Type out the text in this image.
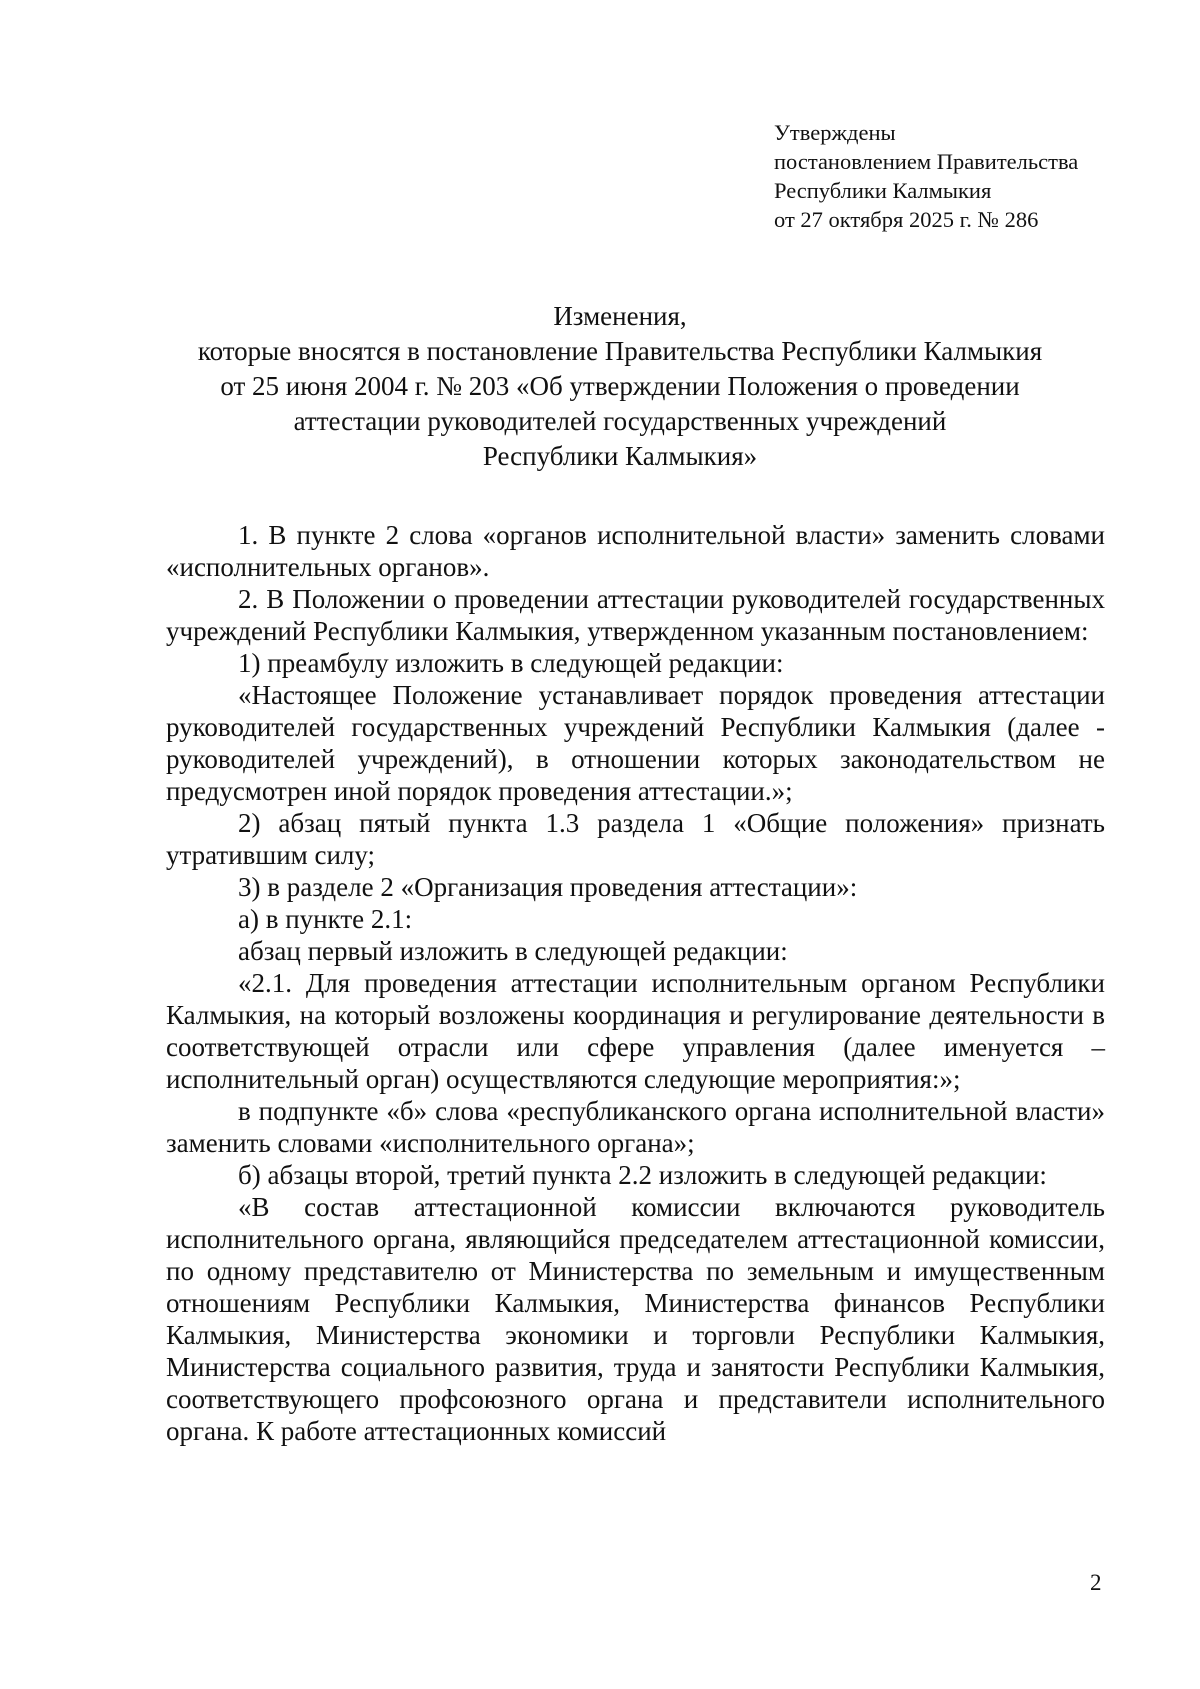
Утверждены
постановлением Правительства
Республики Калмыкия
от 27 октября 2025 г. № 286
Изменения,
которые вносятся в постановление Правительства Республики Калмыкия
от 25 июня 2004 г. № 203 «Об утверждении Положения о проведении
аттестации руководителей государственных учреждений
Республики Калмыкия»

1. В пункте 2 слова «органов исполнительной власти» заменить словами «исполнительных органов».

2. В Положении о проведении аттестации руководителей государственных учреждений Республики Калмыкия, утвержденном указанным постановлением:

1) преамбулу изложить в следующей редакции:

«Настоящее Положение устанавливает порядок проведения аттестации руководителей государственных учреждений Республики Калмыкия (далее - руководителей учреждений), в отношении которых законодательством не предусмотрен иной порядок проведения аттестации.»;

2) абзац пятый пункта 1.3 раздела 1 «Общие положения» признать утратившим силу;

3) в разделе 2 «Организация проведения аттестации»:

а) в пункте 2.1:

абзац первый изложить в следующей редакции:

«2.1. Для проведения аттестации исполнительным органом Республики Калмыкия, на который возложены координация и регулирование деятельности в соответствующей отрасли или сфере управления (далее именуется – исполнительный орган) осуществляются следующие мероприятия:»;

в подпункте «б» слова «республиканского органа исполнительной власти» заменить словами «исполнительного органа»;

б) абзацы второй, третий пункта 2.2 изложить в следующей редакции:

«В состав аттестационной комиссии включаются руководитель исполнительного органа, являющийся председателем аттестационной комиссии, по одному представителю от Министерства по земельным и имущественным отношениям Республики Калмыкия, Министерства финансов Республики Калмыкия, Министерства экономики и торговли Республики Калмыкия, Министерства социального развития, труда и занятости Республики Калмыкия, соответствующего профсоюзного органа и представители исполнительного органа. К работе аттестационных комиссий

2
